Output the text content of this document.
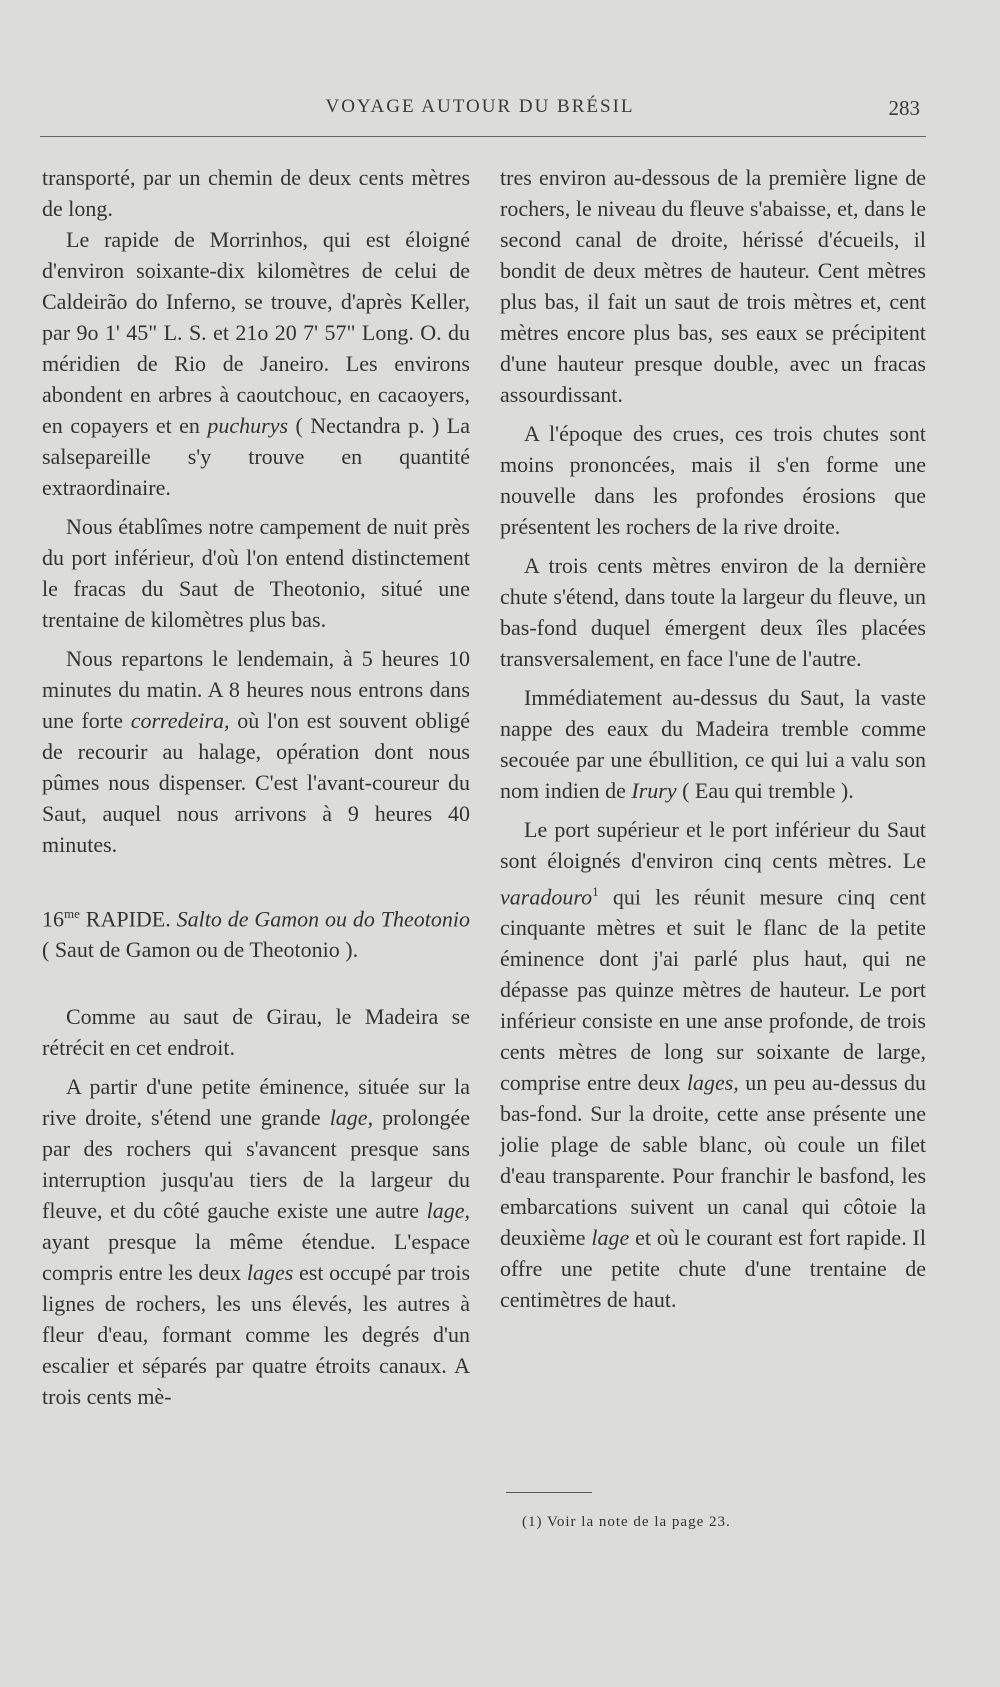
VOYAGE AUTOUR DU BRÉSIL	283

transporté, par un chemin de deux cents mètres de long.

Le rapide de Morrinhos, qui est éloigné d'environ soixante-dix kilomètres de celui de Caldeirão do Inferno, se trouve, d'après Keller, par 9o 1' 45" L. S. et 21o 20 7' 57" Long. O. du méridien de Rio de Janeiro. Les environs abondent en arbres à caoutchouc, en cacaoyers, en copayers et en puchurys ( Nectandra p. ) La salsepareille s'y trouve en quantité extraordinaire.

Nous établîmes notre campement de nuit près du port inférieur, d'où l'on entend distinctement le fracas du Saut de Theotonio, situé une trentaine de kilomètres plus bas.

Nous repartons le lendemain, à 5 heures 10 minutes du matin. A 8 heures nous entrons dans une forte corredeira, où l'on est souvent obligé de recourir au halage, opération dont nous pûmes nous dispenser. C'est l'avant-coureur du Saut, auquel nous arrivons à 9 heures 40 minutes.

$16^{me}$ RAPIDE. Salto de Gamon ou do Theotonio ( Saut de Gamon ou de Theotonio ).

Comme au saut de Girau, le Madeira se rétrécit en cet endroit.

A partir d'une petite éminence, située sur la rive droite, s'étend une grande lage, prolongée par des rochers qui s'avancent presque sans interruption jusqu'au tiers de la largeur du fleuve, et du côté gauche existe une autre lage, ayant presque la même étendue. L'espace compris entre les deux lages est occupé par trois lignes de rochers, les uns élevés, les autres à fleur d'eau, formant comme les degrés d'un escalier et séparés par quatre étroits canaux. A trois cents mè-

tres environ au-dessous de la première ligne de rochers, le niveau du fleuve s'abaisse, et, dans le second canal de droite, hérissé d'écueils, il bondit de deux mètres de hauteur. Cent mètres plus bas, il fait un saut de trois mètres et, cent mètres encore plus bas, ses eaux se précipitent d'une hauteur presque double, avec un fracas assourdissant.

A l'époque des crues, ces trois chutes sont moins prononcées, mais il s'en forme une nouvelle dans les profondes érosions que présentent les rochers de la rive droite.

A trois cents mètres environ de la dernière chute s'étend, dans toute la largeur du fleuve, un bas-fond duquel émergent deux îles placées transversalement, en face l'une de l'autre.

Immédiatement au-dessus du Saut, la vaste nappe des eaux du Madeira tremble comme secouée par une ébullition, ce qui lui a valu son nom indien de Irury ( Eau qui tremble ).

Le port supérieur et le port inférieur du Saut sont éloignés d'environ cinq cents mètres. Le varadouro$^1$ qui les réunit mesure cinq cent cinquante mètres et suit le flanc de la petite éminence dont j'ai parlé plus haut, qui ne dépasse pas quinze mètres de hauteur. Le port inférieur consiste en une anse profonde, de trois cents mètres de long sur soixante de large, comprise entre deux lages, un peu au-dessus du bas-fond. Sur la droite, cette anse présente une jolie plage de sable blanc, où coule un filet d'eau transparente. Pour franchir le basfond, les embarcations suivent un canal qui côtoie la deuxième lage et où le courant est fort rapide. Il offre une petite chute d'une trentaine de centimètres de haut.

(1) Voir la note de la page 23.
